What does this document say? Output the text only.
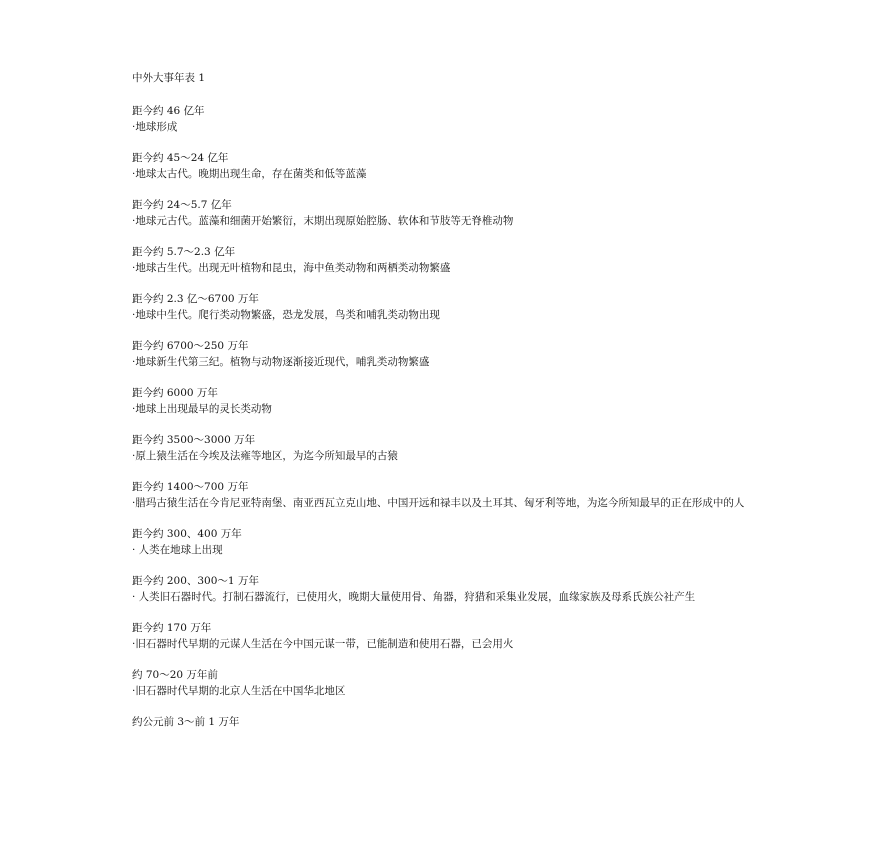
中外大事年表 1
距今约 46 亿年
·地球形成
距今约 45～24 亿年
·地球太古代。晚期出现生命，存在菌类和低等蓝藻
距今约 24～5.7 亿年
·地球元古代。蓝藻和细菌开始繁衍，末期出现原始腔肠、软体和节肢等无脊椎动物
距今约 5.7～2.3 亿年
·地球古生代。出现无叶植物和昆虫，海中鱼类动物和两栖类动物繁盛
距今约 2.3 亿～6700 万年
·地球中生代。爬行类动物繁盛，恐龙发展，鸟类和哺乳类动物出现
距今约 6700～250 万年
·地球新生代第三纪。植物与动物逐渐接近现代，哺乳类动物繁盛
距今约 6000 万年
·地球上出现最早的灵长类动物
距今约 3500～3000 万年
·原上猿生活在今埃及法雍等地区，为迄今所知最早的古猿
距今约 1400～700 万年
·腊玛古猿生活在今肯尼亚特南堡、南亚西瓦立克山地、中国开远和禄丰以及土耳其、匈牙利等地，为迄今所知最早的正在形成中的人
距今约 300、400 万年
· 人类在地球上出现
距今约 200、300～1 万年
· 人类旧石器时代。打制石器流行，已使用火，晚期大量使用骨、角器，狩猎和采集业发展，血缘家族及母系氏族公社产生
距今约 170 万年
·旧石器时代早期的元谋人生活在今中国元谋一带，已能制造和使用石器，已会用火
约 70～20 万年前
·旧石器时代早期的北京人生活在中国华北地区
约公元前 3～前 1 万年
